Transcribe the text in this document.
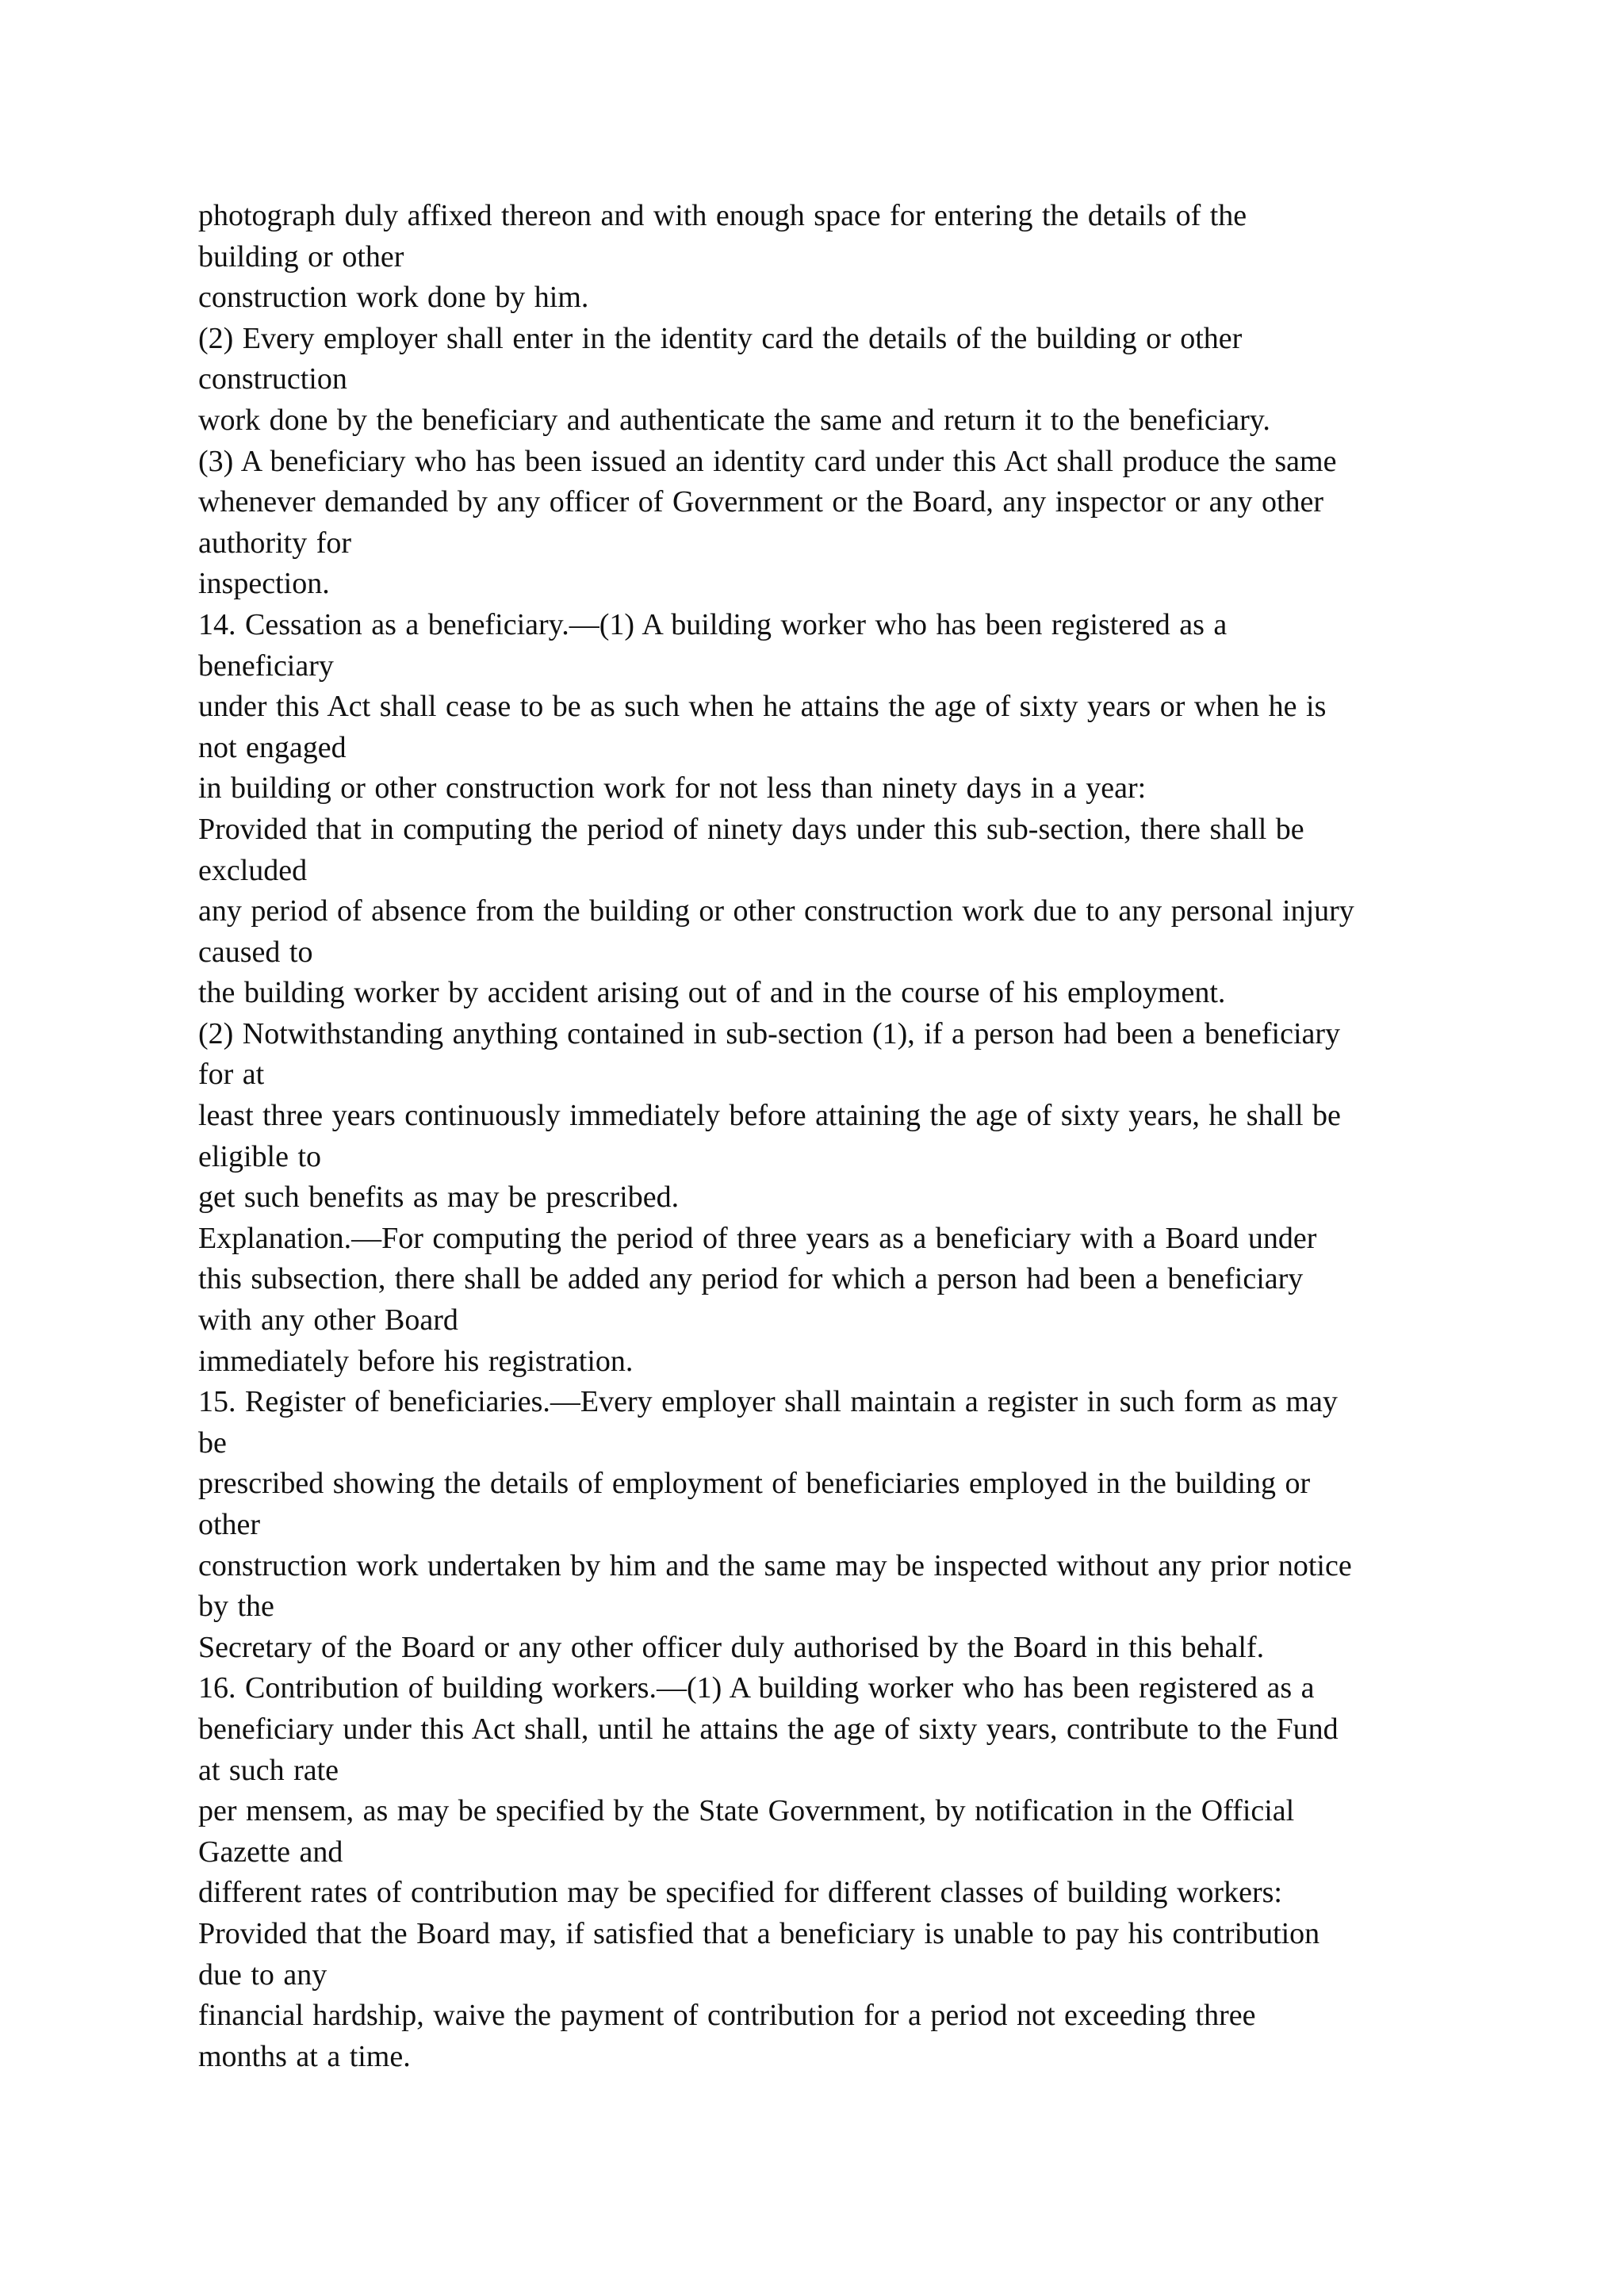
photograph duly affixed thereon and with enough space for entering the details of the
building or other
construction work done by him.
(2) Every employer shall enter in the identity card the details of the building or other
construction
work done by the beneficiary and authenticate the same and return it to the beneficiary.
(3) A beneficiary who has been issued an identity card under this Act shall produce the same
whenever demanded by any officer of Government or the Board, any inspector or any other
authority for
inspection.
14. Cessation as a beneficiary.—(1) A building worker who has been registered as a
beneficiary
under this Act shall cease to be as such when he attains the age of sixty years or when he is
not engaged
in building or other construction work for not less than ninety days in a year:
Provided that in computing the period of ninety days under this sub-section, there shall be
excluded
any period of absence from the building or other construction work due to any personal injury
caused to
the building worker by accident arising out of and in the course of his employment.
(2) Notwithstanding anything contained in sub-section (1), if a person had been a beneficiary
for at
least three years continuously immediately before attaining the age of sixty years, he shall be
eligible to
get such benefits as may be prescribed.
Explanation.—For computing the period of three years as a beneficiary with a Board under
this subsection, there shall be added any period for which a person had been a beneficiary
with any other Board
immediately before his registration.
15. Register of beneficiaries.—Every employer shall maintain a register in such form as may
be
prescribed showing the details of employment of beneficiaries employed in the building or
other
construction work undertaken by him and the same may be inspected without any prior notice
by the
Secretary of the Board or any other officer duly authorised by the Board in this behalf.
16. Contribution of building workers.—(1) A building worker who has been registered as a
beneficiary under this Act shall, until he attains the age of sixty years, contribute to the Fund
at such rate
per mensem, as may be specified by the State Government, by notification in the Official
Gazette and
different rates of contribution may be specified for different classes of building workers:
Provided that the Board may, if satisfied that a beneficiary is unable to pay his contribution
due to any
financial hardship, waive the payment of contribution for a period not exceeding three
months at a time.
